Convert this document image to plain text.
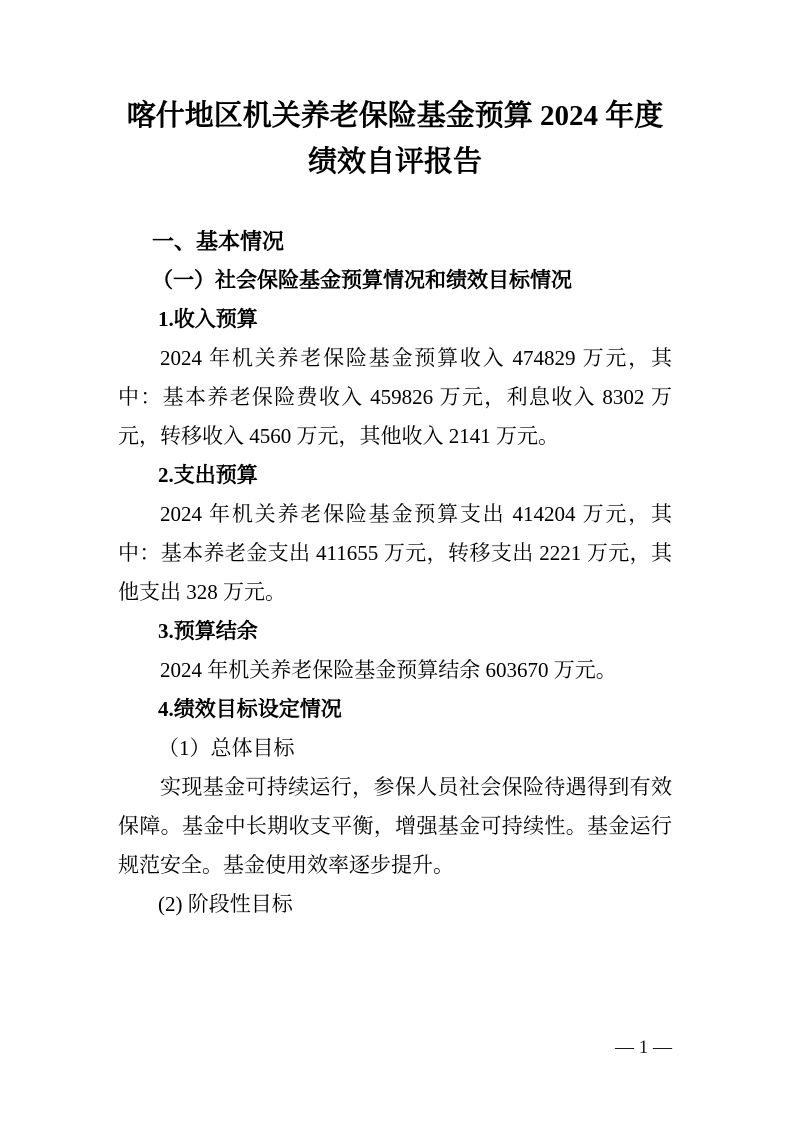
喀什地区机关养老保险基金预算 2024 年度
绩效自评报告

一、基本情况

（一）社会保险基金预算情况和绩效目标情况

1.收入预算

2024 年机关养老保险基金预算收入 474829 万元，其中：基本养老保险费收入 459826 万元，利息收入 8302 万元，转移收入 4560 万元，其他收入 2141 万元。

2.支出预算

2024 年机关养老保险基金预算支出 414204 万元，其中：基本养老金支出 411655 万元，转移支出 2221 万元，其他支出 328 万元。

3.预算结余

2024 年机关养老保险基金预算结余 603670 万元。

4.绩效目标设定情况

（1）总体目标

实现基金可持续运行，参保人员社会保险待遇得到有效保障。基金中长期收支平衡，增强基金可持续性。基金运行规范安全。基金使用效率逐步提升。

(2) 阶段性目标

— 1 —
